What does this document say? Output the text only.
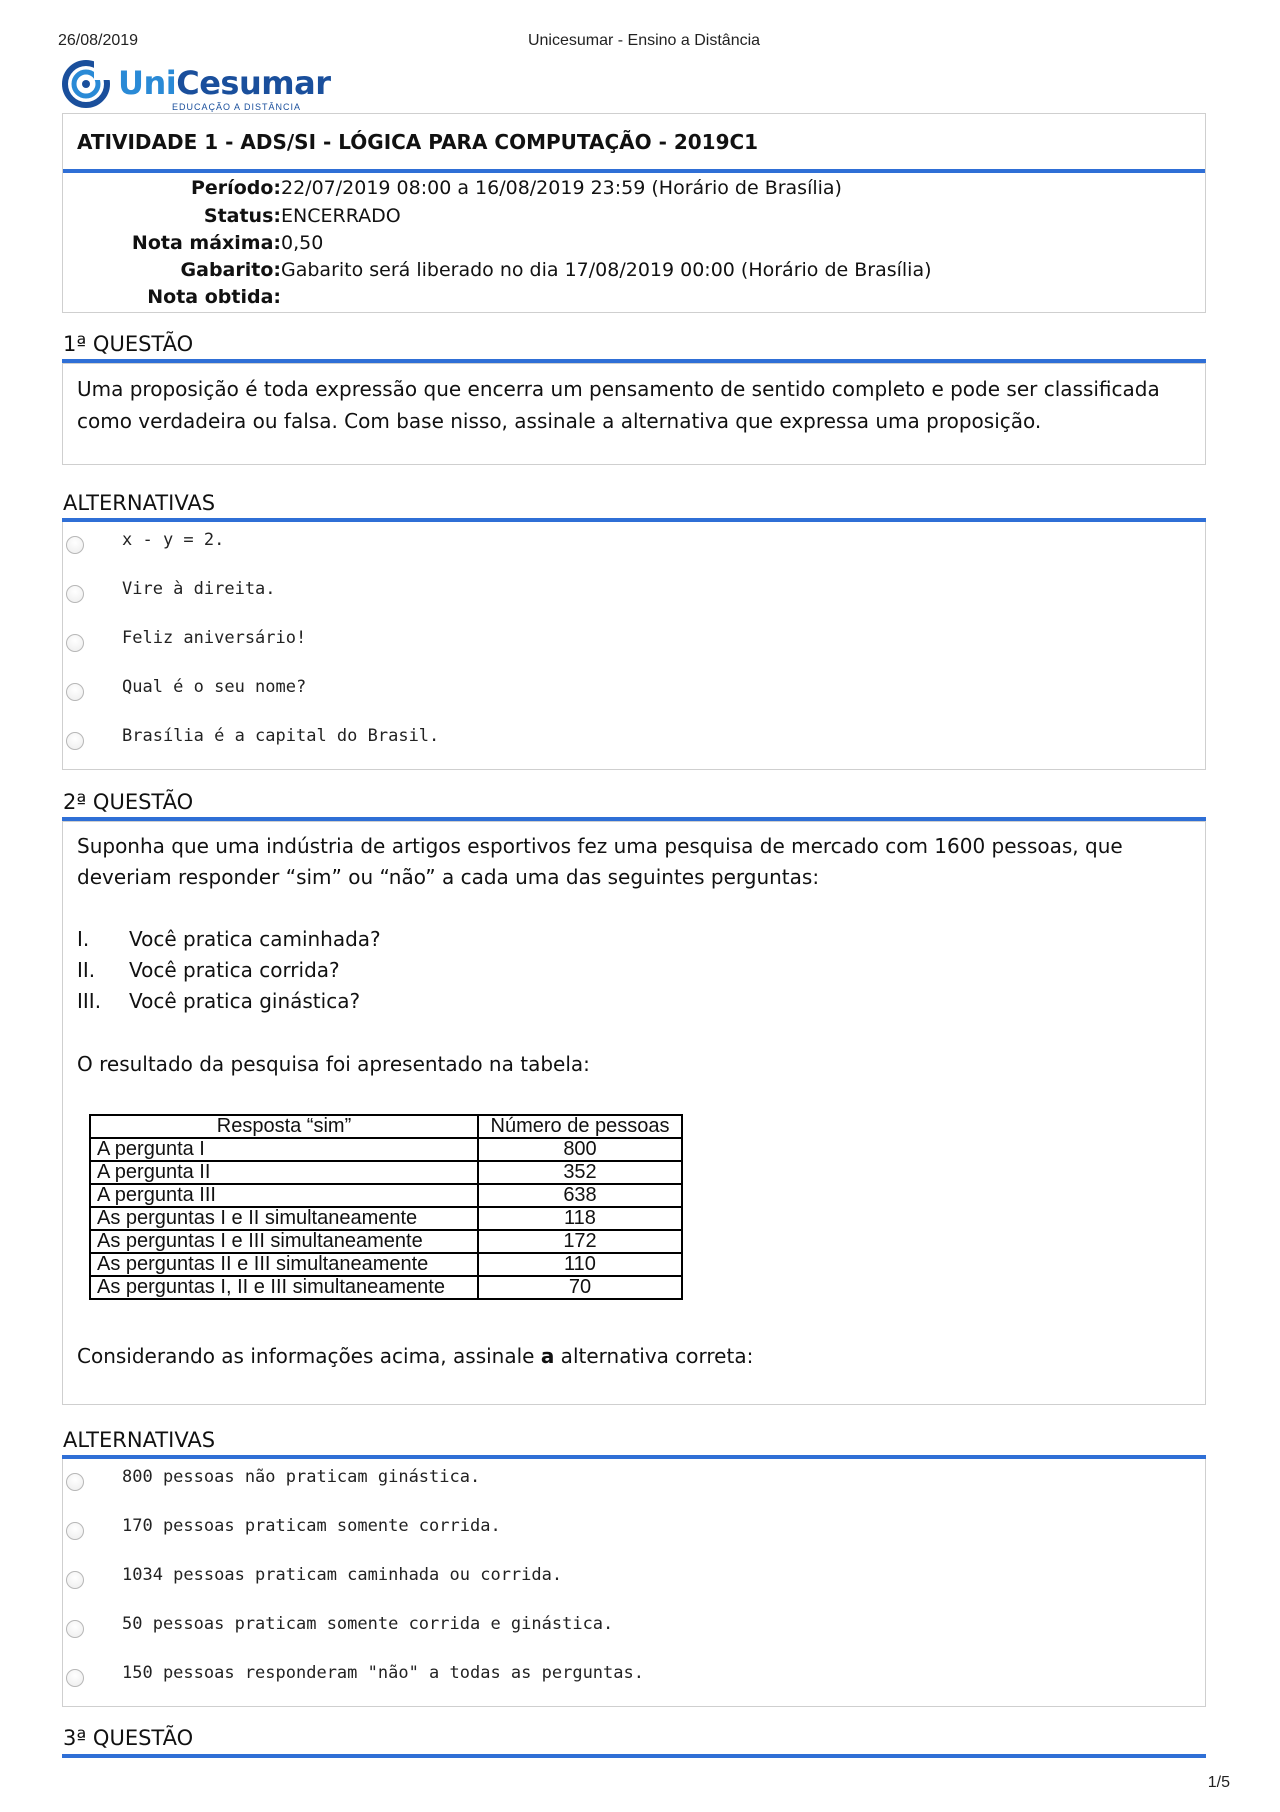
26/08/2019	Unicesumar - Ensino a Distância
UniCesumar
EDUCAÇÃO A DISTÂNCIA
ATIVIDADE 1 - ADS/SI - LÓGICA PARA COMPUTAÇÃO - 2019C1
Período:22/07/2019 08:00 a 16/08/2019 23:59 (Horário de Brasília)
Status:ENCERRADO
Nota máxima:0,50
Gabarito:Gabarito será liberado no dia 17/08/2019 00:00 (Horário de Brasília)
Nota obtida:
1ª QUESTÃO
Uma proposição é toda expressão que encerra um pensamento de sentido completo e pode ser classificada como verdadeira ou falsa. Com base nisso, assinale a alternativa que expressa uma proposição.
ALTERNATIVAS
x - y = 2.
Vire à direita.
Feliz aniversário!
Qual é o seu nome?
Brasília é a capital do Brasil.
2ª QUESTÃO
Suponha que uma indústria de artigos esportivos fez uma pesquisa de mercado com 1600 pessoas, que deveriam responder “sim” ou “não” a cada uma das seguintes perguntas:
I. Você pratica caminhada?
II. Você pratica corrida?
III. Você pratica ginástica?
O resultado da pesquisa foi apresentado na tabela:
Resposta “sim”	Número de pessoas
A pergunta I	800
A pergunta II	352
A pergunta III	638
As perguntas I e II simultaneamente	118
As perguntas I e III simultaneamente	172
As perguntas II e III simultaneamente	110
As perguntas I, II e III simultaneamente	70
Considerando as informações acima, assinale a alternativa correta:
ALTERNATIVAS
800 pessoas não praticam ginástica.
170 pessoas praticam somente corrida.
1034 pessoas praticam caminhada ou corrida.
50 pessoas praticam somente corrida e ginástica.
150 pessoas responderam "não" a todas as perguntas.
3ª QUESTÃO
1/5
